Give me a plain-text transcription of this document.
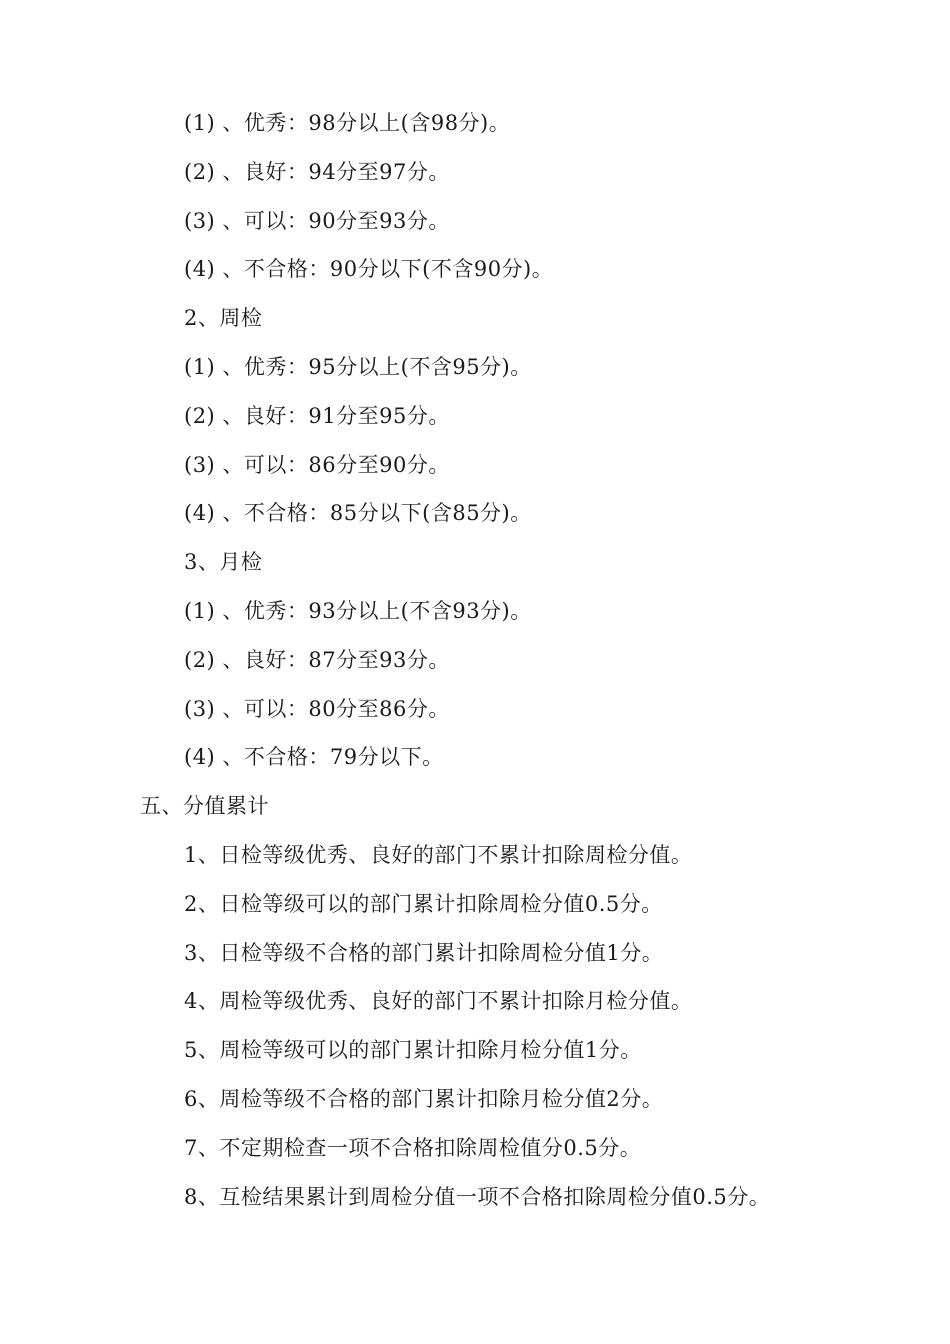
(1) 、优秀：98分以上(含98分)。
(2) 、良好：94分至97分。
(3) 、可以：90分至93分。
(4) 、不合格：90分以下(不含90分)。
2、周检
(1) 、优秀：95分以上(不含95分)。
(2) 、良好：91分至95分。
(3) 、可以：86分至90分。
(4) 、不合格：85分以下(含85分)。
3、月检
(1) 、优秀：93分以上(不含93分)。
(2) 、良好：87分至93分。
(3) 、可以：80分至86分。
(4) 、不合格：79分以下。
五、分值累计
1、日检等级优秀、良好的部门不累计扣除周检分值。
2、日检等级可以的部门累计扣除周检分值0.5分。
3、日检等级不合格的部门累计扣除周检分值1分。
4、周检等级优秀、良好的部门不累计扣除月检分值。
5、周检等级可以的部门累计扣除月检分值1分。
6、周检等级不合格的部门累计扣除月检分值2分。
7、不定期检查一项不合格扣除周检值分0.5分。
8、互检结果累计到周检分值一项不合格扣除周检分值0.5分。
